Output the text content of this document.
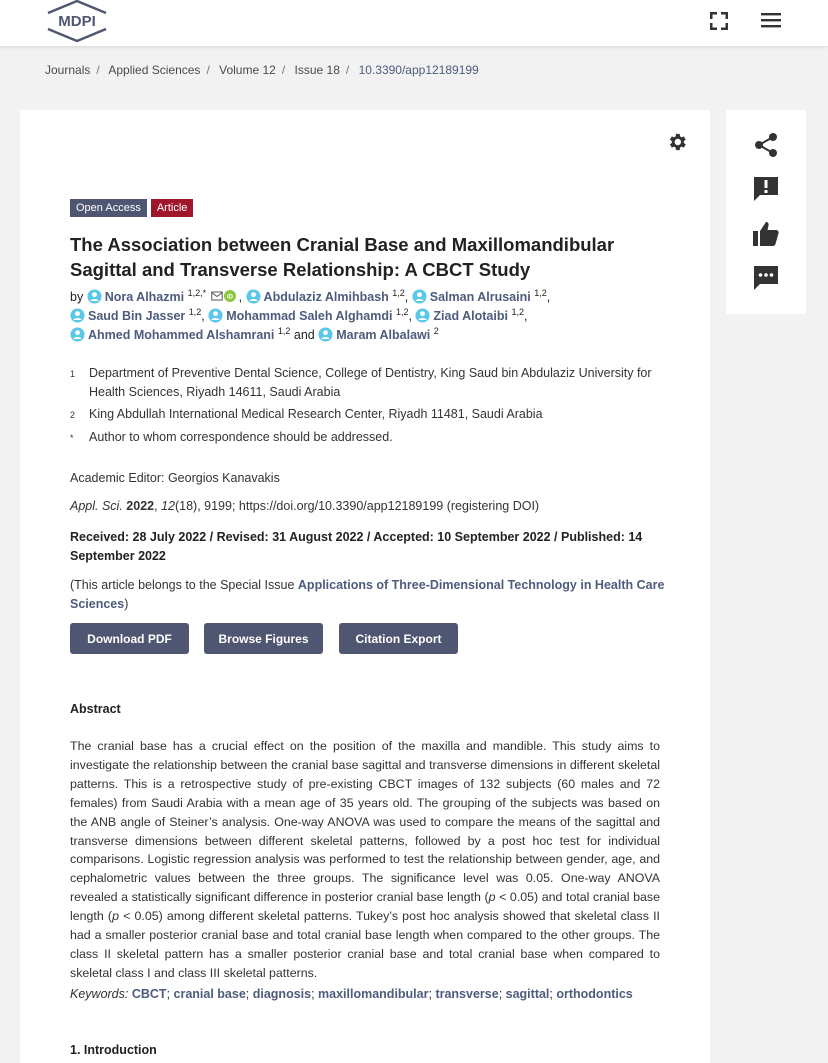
MDPI
Journals / Applied Sciences / Volume 12 / Issue 18 / 10.3390/app12189199
Open Access	Article
The Association between Cranial Base and Maxillomandibular Sagittal and Transverse Relationship: A CBCT Study
by Nora Alhazmi $^{1,2,*}$	iD , Abdulaziz Almihbash $^{1,2}$, Salman Alrusaini $^{1,2}$,
Saud Bin Jasser $^{1,2}$, Mohammad Saleh Alghamdi $^{1,2}$, Ziad Alotaibi $^{1,2}$,
Ahmed Mohammed Alshamrani $^{1,2}$ and Maram Albalawi $^2$
1	Department of Preventive Dental Science, College of Dentistry, King Saud bin Abdulaziz University for Health Sciences, Riyadh 14611, Saudi Arabia
2	King Abdullah International Medical Research Center, Riyadh 11481, Saudi Arabia
*	Author to whom correspondence should be addressed.
Academic Editor: Georgios Kanavakis
Appl. Sci. 2022, 12(18), 9199; https://doi.org/10.3390/app12189199 (registering DOI)
Received: 28 July 2022 / Revised: 31 August 2022 / Accepted: 10 September 2022 / Published: 14 September 2022
(This article belongs to the Special Issue Applications of Three-Dimensional Technology in Health Care Sciences)
Download PDF	Browse Figures	Citation Export
Abstract
The cranial base has a crucial effect on the position of the maxilla and mandible. This study aims to investigate the relationship between the cranial base sagittal and transverse dimensions in different skeletal patterns. This is a retrospective study of pre-existing CBCT images of 132 subjects (60 males and 72 females) from Saudi Arabia with a mean age of 35 years old. The grouping of the subjects was based on the ANB angle of Steiner’s analysis. One-way ANOVA was used to compare the means of the sagittal and transverse dimensions between different skeletal patterns, followed by a post hoc test for individual comparisons. Logistic regression analysis was performed to test the relationship between gender, age, and cephalometric values between the three groups. The significance level was 0.05. One-way ANOVA revealed a statistically significant difference in posterior cranial base length (p < 0.05) and total cranial base length (p < 0.05) among different skeletal patterns. Tukey’s post hoc analysis showed that skeletal class II had a smaller posterior cranial base and total cranial base length when compared to the other groups. The class II skeletal pattern has a smaller posterior cranial base and total cranial base when compared to skeletal class I and class III skeletal patterns.
Keywords: CBCT; cranial base; diagnosis; maxillomandibular; transverse; sagittal; orthodontics
1. Introduction
